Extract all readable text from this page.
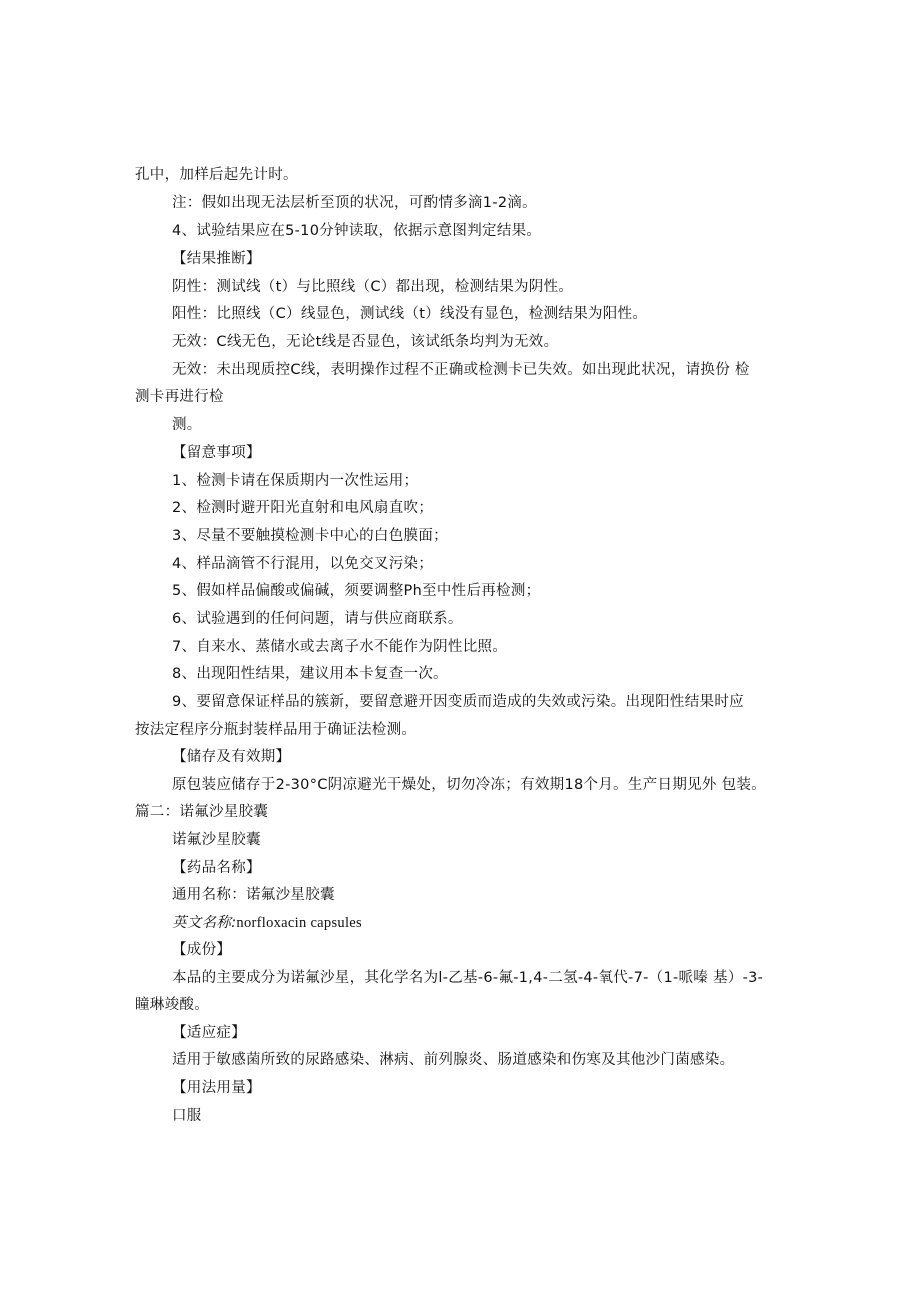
孔中，加样后起先计时。

注：假如出现无法层析至顶的状况，可酌情多滴1-2滴。

4、试验结果应在5-10分钟读取，依据示意图判定结果。

【结果推断】

阴性：测试线（t）与比照线（C）都出现，检测结果为阴性。

阳性：比照线（C）线显色，测试线（t）线没有显色，检测结果为阳性。

无效：C线无色，无论t线是否显色，该试纸条均判为无效。

无效：未出现质控C线，表明操作过程不正确或检测卡已失效。如出现此状况，请换份 检

测卡再进行检

测。

【留意事项】

1、检测卡请在保质期内一次性运用；

2、检测时避开阳光直射和电风扇直吹；

3、尽量不要触摸检测卡中心的白色膜面；

4、样品滴管不行混用，以免交叉污染；

5、假如样品偏酸或偏碱，须要调整Ph至中性后再检测；

6、试验遇到的任何问题，请与供应商联系。

7、自来水、蒸储水或去离子水不能作为阴性比照。

8、出现阳性结果，建议用本卡复查一次。

9、要留意保证样品的簇新，要留意避开因变质而造成的失效或污染。出现阳性结果时应

按法定程序分瓶封装样品用于确证法检测。

【储存及有效期】

原包装应储存于2-30°C阴凉避光干燥处，切勿冷冻；有效期18个月。生产日期见外 包装。

篇二：诺氟沙星胶囊

诺氟沙星胶囊

【药品名称】

通用名称：诺氟沙星胶囊

英文名称:norfloxacin capsules

【成份】

本品的主要成分为诺氟沙星，其化学名为l-乙基-6-氟-1,4-二氢-4-氧代-7-（1-哌嗪 基）-3-

瞳琳竣酸。

【适应症】

适用于敏感菌所致的尿路感染、淋病、前列腺炎、肠道感染和伤寒及其他沙门菌感染。

【用法用量】

口服
